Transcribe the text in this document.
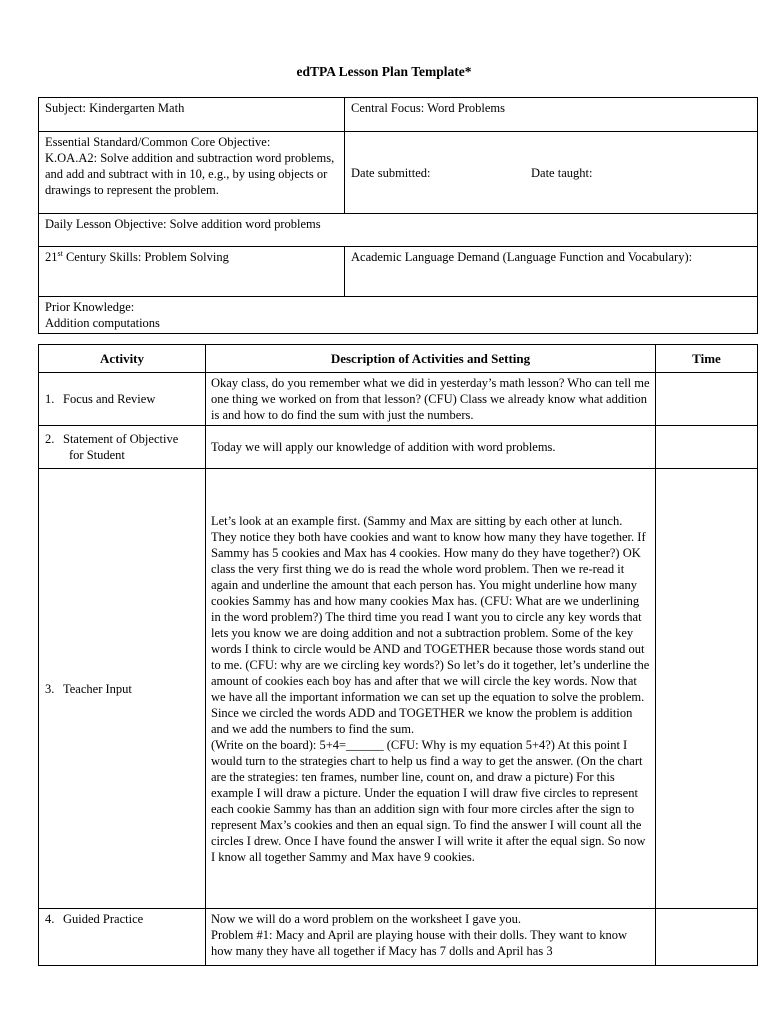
edTPA Lesson Plan Template*
Subject: Kindergarten Math	Central Focus: Word Problems

Essential Standard/Common Core Objective:
K.OA.A2: Solve addition and subtraction word problems, and add and subtract with in 10, e.g., by using objects or drawings to represent the problem.	Date submitted: Date taught:
Daily Lesson Objective: Solve addition word problems	
21st Century Skills: Problem Solving	Academic Language Demand (Language Function and Vocabulary):

Prior Knowledge:
Addition computations	
Activity	Description of Activities and Setting	Time
1. Focus and Review	Okay class, do you remember what we did in yesterday’s math lesson? Who can tell me one thing we worked on from that lesson? (CFU) Class we already know what addition is and how to do find the sum with just the numbers.	
2. Statement of Objective
for Student	Today we will apply our knowledge of addition with word problems.	
3. Teacher Input	Let’s look at an example first. (Sammy and Max are sitting by each other at lunch. They notice they both have cookies and want to know how many they have together. If Sammy has 5 cookies and Max has 4 cookies. How many do they have together?) OK class the very first thing we do is read the whole word problem. Then we re-read it again and underline the amount that each person has. You might underline how many cookies Sammy has and how many cookies Max has. (CFU: What are we underlining in the word problem?) The third time you read I want you to circle any key words that lets you know we are doing addition and not a subtraction problem. Some of the key words I think to circle would be AND and TOGETHER because those words stand out to me. (CFU: why are we circling key words?) So let’s do it together, let’s underline the amount of cookies each boy has and after that we will circle the key words. Now that we have all the important information we can set up the equation to solve the problem. Since we circled the words ADD and TOGETHER we know the problem is addition and we add the numbers to find the sum.

(Write on the board): 5+4=______ (CFU: Why is my equation 5+4?) At this point I would turn to the strategies chart to help us find a way to get the answer. (On the chart are the strategies: ten frames, number line, count on, and draw a picture) For this example I will draw a picture. Under the equation I will draw five circles to represent each cookie Sammy has than an addition sign with four more circles after the sign to represent Max’s cookies and then an equal sign. To find the answer I will count all the circles I drew. Once I have found the answer I will write it after the equal sign. So now I know all together Sammy and Max have 9 cookies.	

4. Guided Practice	Now we will do a word problem on the worksheet I gave you.

Problem #1: Macy and April are playing house with their dolls. They want to know how many they have all together if Macy has 7 dolls and April has 3	
